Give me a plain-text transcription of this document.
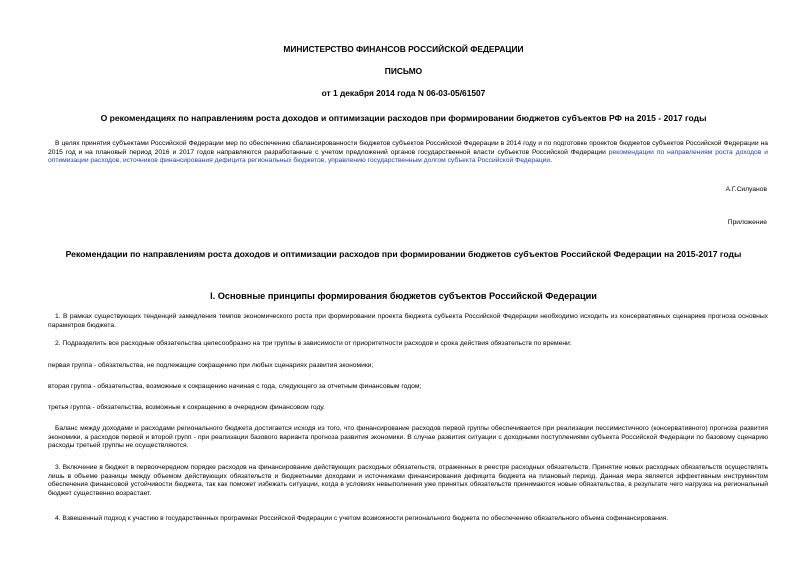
МИНИСТЕРСТВО ФИНАНСОВ РОССИЙСКОЙ ФЕДЕРАЦИИ
ПИСЬМО
от 1 декабря 2014 года N 06-03-05/61507
О рекомендациях по направлениям роста доходов и оптимизации расходов при формировании бюджетов субъектов РФ на 2015 - 2017 годы
В целях принятия субъектами Российской Федерации мер по обеспечению сбалансированности бюджетов субъектов Российской Федерации в 2014 году и по подготовке проектов бюджетов субъектов Российской Федерации на 2015 год и на плановый период 2016 и 2017 годов направляются разработанные с учетом предложений органов государственной власти субъектов Российской Федерации рекомендации по направлениям роста доходов и оптимизации расходов, источников финансирования дефицита региональных бюджетов, управлению государственным долгом субъекта Российской Федерации.
А.Г.Силуанов
Приложение
Рекомендации по направлениям роста доходов и оптимизации расходов при формировании бюджетов субъектов Российской Федерации на 2015-2017 годы
I. Основные принципы формирования бюджетов субъектов Российской Федерации
1. В рамках существующих тенденций замедления темпов экономического роста при формировании проекта бюджета субъекта Российской Федерации необходимо исходить из консервативных сценариев прогноза основных параметров бюджета.
2. Подразделить все расходные обязательства целесообразно на три группы в зависимости от приоритетности расходов и срока действия обязательств по времени:
первая группа - обязательства, не подлежащие сокращению при любых сценариях развития экономики;
вторая группа - обязательства, возможные к сокращению начиная с года, следующего за отчетным финансовым годом;
третья группа - обязательства, возможные к сокращению в очередном финансовом году.
Баланс между доходами и расходами регионального бюджета достигается исходя из того, что финансирование расходов первой группы обеспечивается при реализации пессимистичного (консервативного) прогноза развития экономики, а расходов первой и второй групп - при реализации базового варианта прогноза развития экономики. В случае развития ситуации с доходными поступлениями субъекта Российской Федерации по базовому сценарию расходы третьей группы не осуществляются.
3. Включение в бюджет в первоочередном порядке расходов на финансирование действующих расходных обязательств, отраженных в реестре расходных обязательств. Принятие новых расходных обязательств осуществлять лишь в объеме разницы между объемом действующих обязательств и бюджетными доходами и источниками финансирования дефицита бюджета на плановый период. Данная мера является эффективным инструментом обеспечения финансовой устойчивости бюджета, так как поможет избежать ситуации, когда в условиях невыполнения уже принятых обязательств принимаются новые обязательства, в результате чего нагрузка на региональный бюджет существенно возрастает.
4. Взвешенный подход к участию в государственных программах Российской Федерации с учетом возможности регионального бюджета по обеспечению обязательного объема софинансирования.
